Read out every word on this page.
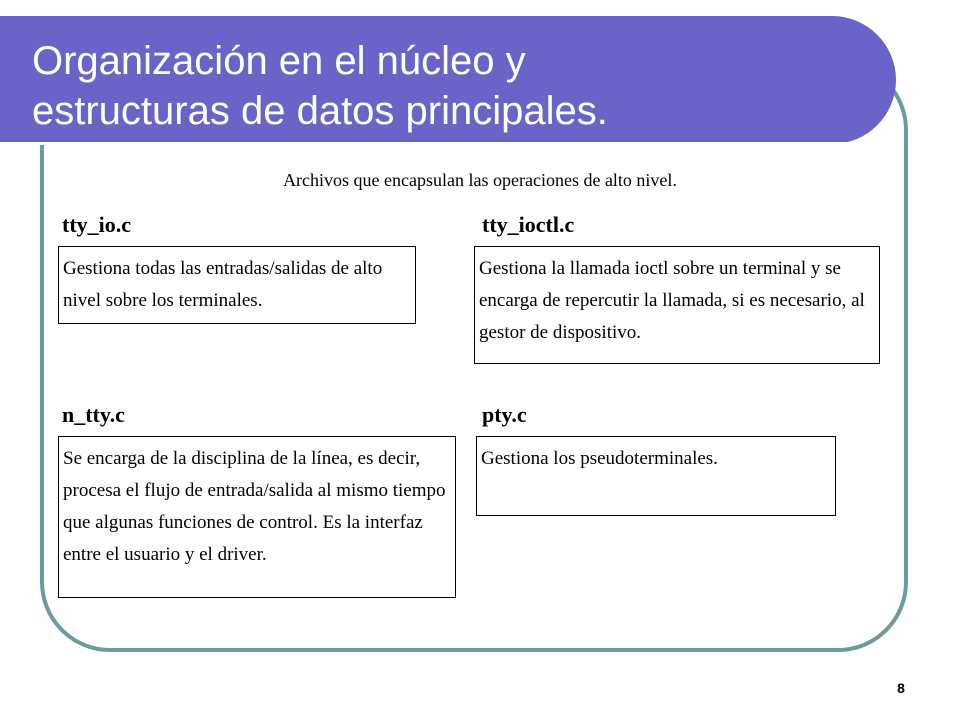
Organización en el núcleo y
estructuras de datos principales.
Archivos que encapsulan las operaciones de alto nivel.
tty_io.c
Gestiona todas las entradas/salidas de alto nivel sobre los terminales.
tty_ioctl.c
Gestiona la llamada ioctl sobre un terminal y se encarga de repercutir la llamada, si es necesario, al gestor de dispositivo.
n_tty.c
Se encarga de la disciplina de la línea, es decir, procesa el flujo de entrada/salida al mismo tiempo que algunas funciones de control. Es la interfaz entre el usuario y el driver.
pty.c
Gestiona los pseudoterminales.
8
